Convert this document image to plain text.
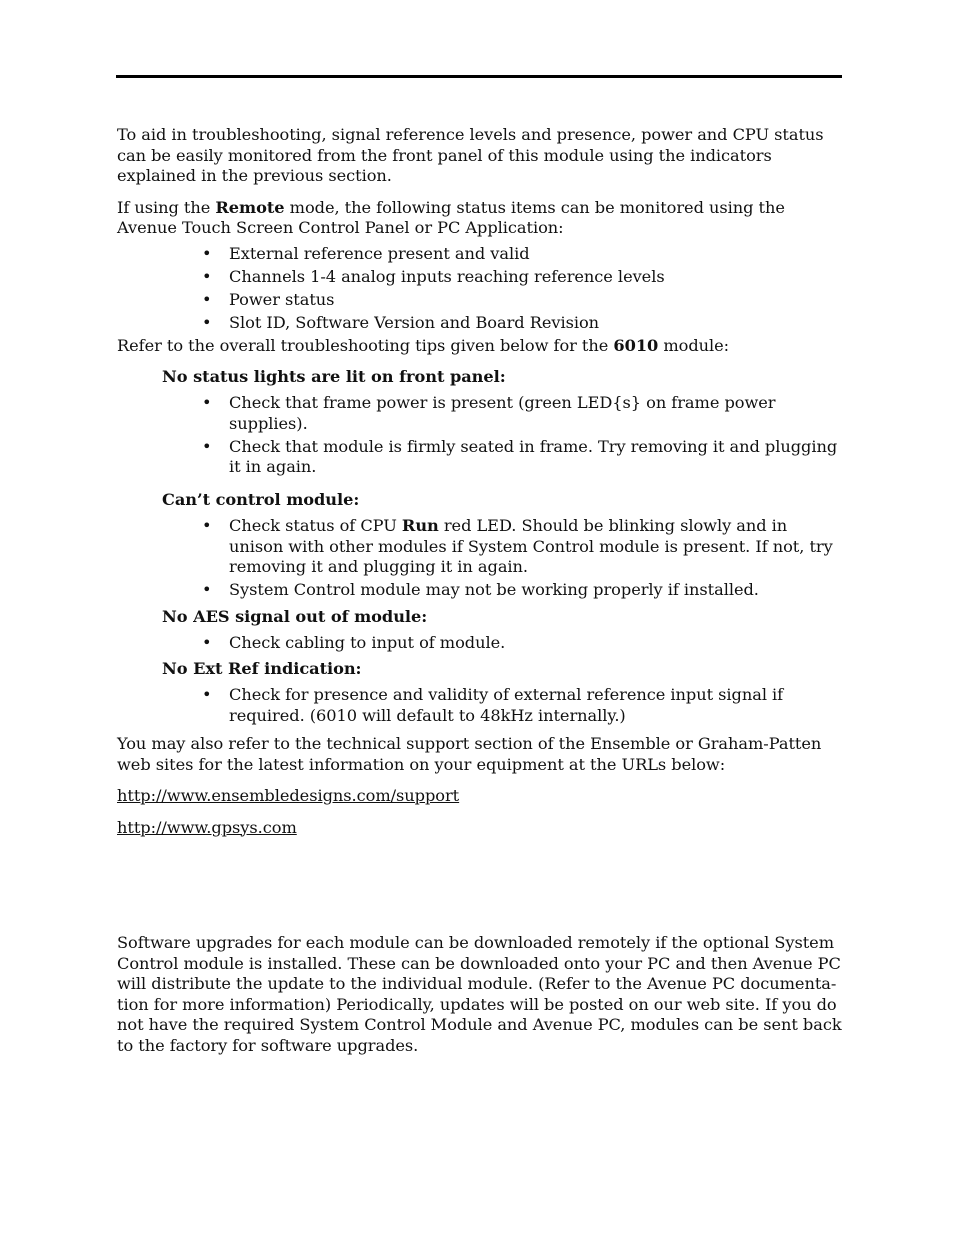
To aid in troubleshooting, signal reference levels and presence, power and CPU status can be easily monitored from the front panel of this module using the indicators explained in the previous section.

If using the Remote mode, the following status items can be monitored using the Avenue Touch Screen Control Panel or PC Application:

• External reference present and valid
• Channels 1-4 analog inputs reaching reference levels
• Power status
• Slot ID, Software Version and Board Revision

Refer to the overall troubleshooting tips given below for the 6010 module:

No status lights are lit on front panel:
• Check that frame power is present (green LED{s} on frame power supplies).
• Check that module is firmly seated in frame. Try removing it and plugging it in again.
Can’t control module:
• Check status of CPU Run red LED. Should be blinking slowly and in unison with other modules if System Control module is present. If not, try removing it and plugging it in again.
• System Control module may not be working properly if installed.
No AES signal out of module:
• Check cabling to input of module.
No Ext Ref indication:
• Check for presence and validity of external reference input signal if required. (6010 will default to 48kHz internally.)

You may also refer to the technical support section of the Ensemble or Graham-Patten web sites for the latest information on your equipment at the URLs below:

http://www.ensembledesigns.com/support
http://www.gpsys.com

Software upgrades for each module can be downloaded remotely if the optional System Control module is installed. These can be downloaded onto your PC and then Avenue PC will distribute the update to the individual module. (Refer to the Avenue PC documenta-tion for more information) Periodically, updates will be posted on our web site. If you do not have the required System Control Module and Avenue PC, modules can be sent back to the factory for software upgrades.
